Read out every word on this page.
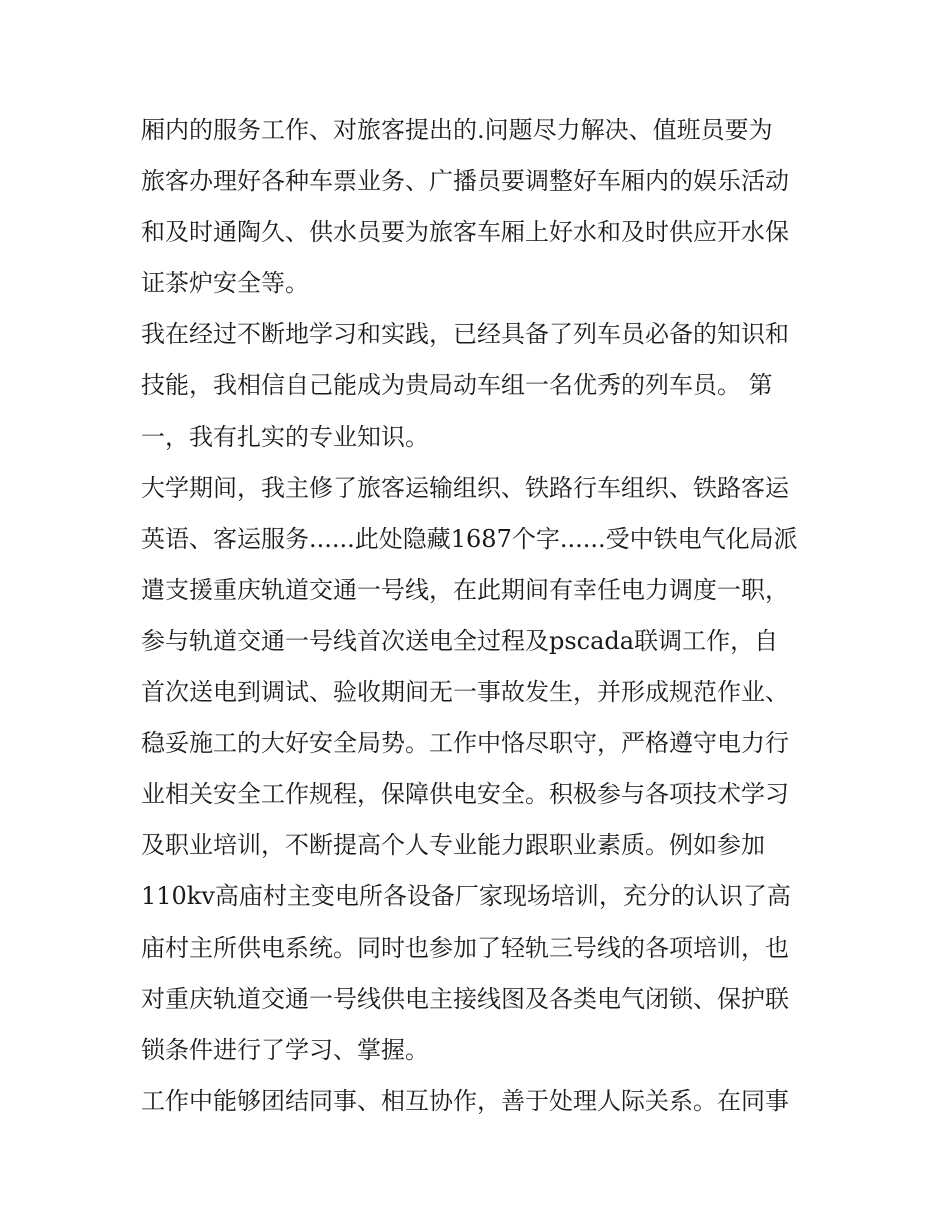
厢内的服务工作、对旅客提出的.问题尽力解决、值班员要为
旅客办理好各种车票业务、广播员要调整好车厢内的娱乐活动
和及时通陶久、供水员要为旅客车厢上好水和及时供应开水保
证茶炉安全等。
我在经过不断地学习和实践，已经具备了列车员必备的知识和
技能，我相信自己能成为贵局动车组一名优秀的列车员。 第
一，我有扎实的专业知识。
大学期间，我主修了旅客运输组织、铁路行车组织、铁路客运
英语、客运服务......此处隐藏1687个字......受中铁电气化局派
遣支援重庆轨道交通一号线，在此期间有幸任电力调度一职，
参与轨道交通一号线首次送电全过程及pscada联调工作，自
首次送电到调试、验收期间无一事故发生，并形成规范作业、
稳妥施工的大好安全局势。工作中恪尽职守，严格遵守电力行
业相关安全工作规程，保障供电安全。积极参与各项技术学习
及职业培训，不断提高个人专业能力跟职业素质。例如参加
110kv高庙村主变电所各设备厂家现场培训，充分的认识了高
庙村主所供电系统。同时也参加了轻轨三号线的各项培训，也
对重庆轨道交通一号线供电主接线图及各类电气闭锁、保护联
锁条件进行了学习、掌握。
工作中能够团结同事、相互协作，善于处理人际关系。在同事
